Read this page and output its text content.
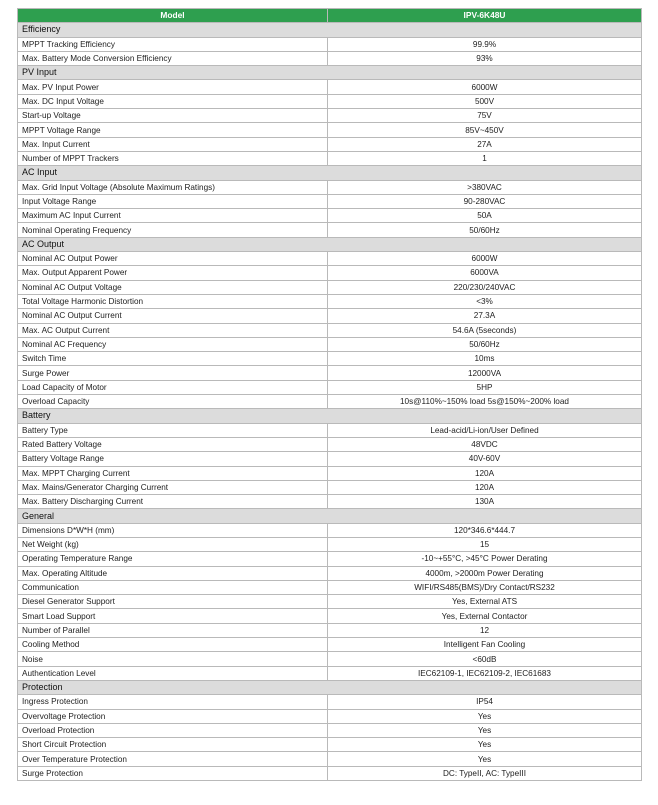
Model	IPV-6K48U
Efficiency	
MPPT Tracking Efficiency	99.9%
Max. Battery Mode Conversion Efficiency	93%
PV Input	
Max. PV Input Power	6000W
Max. DC Input Voltage	500V
Start-up Voltage	75V
MPPT Voltage Range	85V~450V
Max. Input Current	27A
Number of MPPT Trackers	1
AC Input	
Max. Grid Input Voltage (Absolute Maximum Ratings)	>380VAC
Input Voltage Range	90-280VAC
Maximum AC Input Current	50A
Nominal Operating Frequency	50/60Hz
AC Output	
Nominal AC Output Power	6000W
Max. Output Apparent Power	6000VA
Nominal AC Output Voltage	220/230/240VAC
Total Voltage Harmonic Distortion	<3%
Nominal AC Output Current	27.3A
Max. AC Output Current	54.6A (5seconds)
Nominal AC Frequency	50/60Hz
Switch Time	10ms
Surge Power	12000VA
Load Capacity of Motor	5HP
Overload Capacity	10s@110%~150% load 5s@150%~200% load
Battery	
Battery Type	Lead-acid/Li-ion/User Defined
Rated Battery Voltage	48VDC
Battery Voltage Range	40V-60V
Max. MPPT Charging Current	120A
Max. Mains/Generator Charging Current	120A
Max. Battery Discharging Current	130A
General	
Dimensions D*W*H (mm)	120*346.6*444.7
Net Weight (kg)	15
Operating Temperature Range	-10~+55°C, >45°C Power Derating
Max. Operating Altitude	4000m, >2000m Power Derating
Communication	WIFI/RS485(BMS)/Dry Contact/RS232
Diesel Generator Support	Yes, External ATS
Smart Load Support	Yes, External Contactor
Number of Parallel	12
Cooling Method	Intelligent Fan Cooling
Noise	<60dB
Authentication Level	IEC62109-1, IEC62109-2, IEC61683
Protection	
Ingress Protection	IP54
Overvoltage Protection	Yes
Overload Protection	Yes
Short Circuit Protection	Yes
Over Temperature Protection	Yes
Surge Protection	DC: TypeII, AC: TypeIII
